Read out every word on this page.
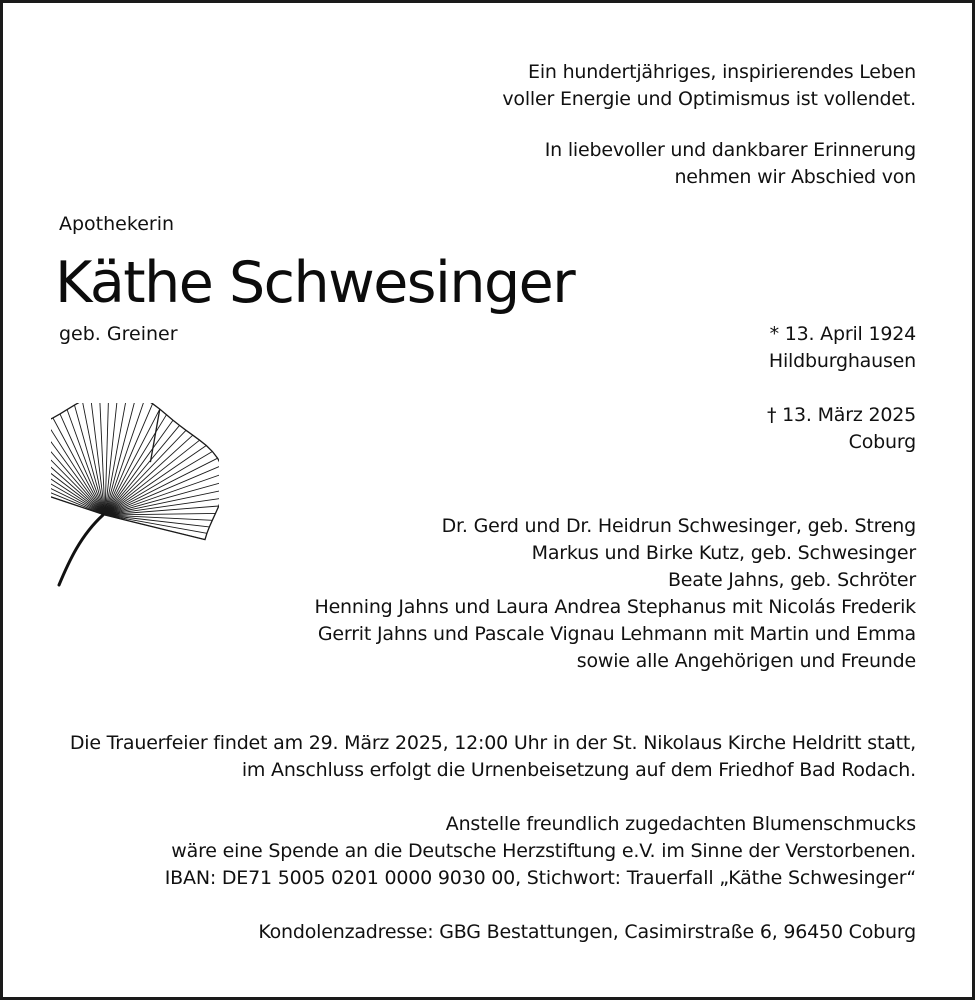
Ein hundertjähriges, inspirierendes Leben
voller Energie und Optimismus ist vollendet.
In liebevoller und dankbarer Erinnerung
nehmen wir Abschied von
Apothekerin
Käthe Schwesinger
geb. Greiner	* 13. April 1924
Hildburghausen
† 13. März 2025
Coburg
Dr. Gerd und Dr. Heidrun Schwesinger, geb. Streng
Markus und Birke Kutz, geb. Schwesinger
Beate Jahns, geb. Schröter
Henning Jahns und Laura Andrea Stephanus mit Nicolás Frederik
Gerrit Jahns und Pascale Vignau Lehmann mit Martin und Emma
sowie alle Angehörigen und Freunde
Die Trauerfeier findet am 29. März 2025, 12:00 Uhr in der St. Nikolaus Kirche Heldritt statt,
im Anschluss erfolgt die Urnenbeisetzung auf dem Friedhof Bad Rodach.
Anstelle freundlich zugedachten Blumenschmucks
wäre eine Spende an die Deutsche Herzstiftung e.V. im Sinne der Verstorbenen.
IBAN: DE71 5005 0201 0000 9030 00, Stichwort: Trauerfall „Käthe Schwesinger“
Kondolenzadresse: GBG Bestattungen, Casimirstraße 6, 96450 Coburg
